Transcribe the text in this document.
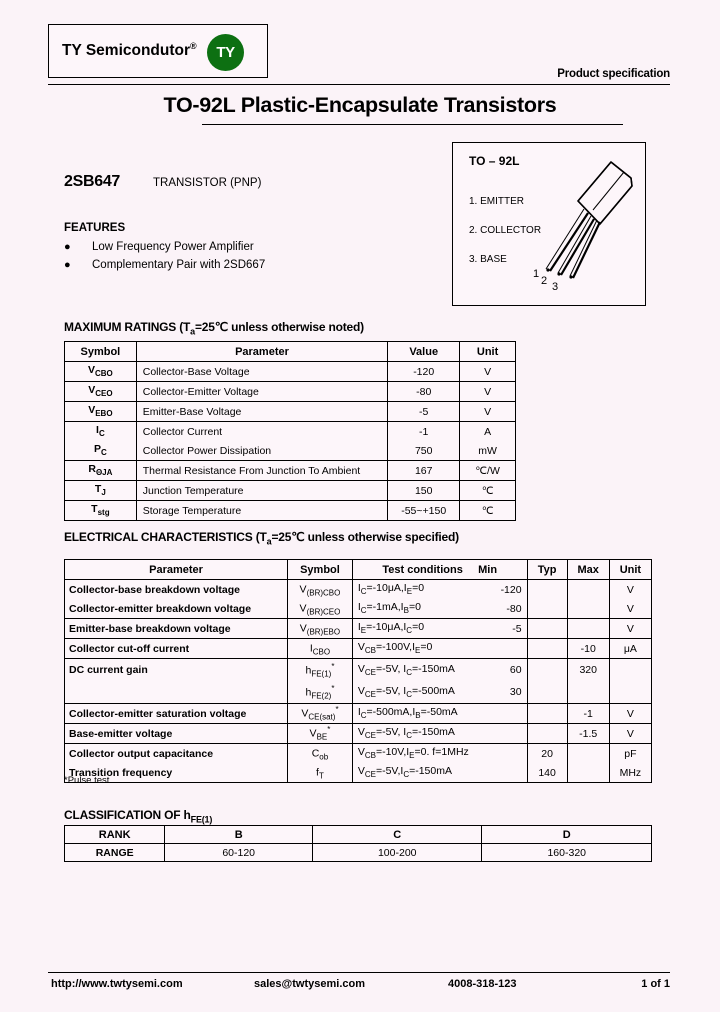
TY Semicondutor®	TY
Product specification
TO-92L Plastic-Encapsulate Transistors
2SB647	TRANSISTOR (PNP)
FEATURES
● Low Frequency Power Amplifier
● Complementary Pair with 2SD667
TO – 92L
1. EMITTER
2. COLLECTOR
3. BASE
1
2 3
MAXIMUM RATINGS ($T_a=25℃$ unless otherwise noted)
Symbol	Parameter	Value	Unit
$V_{CBO}$	Collector-Base Voltage	-120	V
$V_{CEO}$	Collector-Emitter Voltage	-80	V
$V_{EBO}$	Emitter-Base Voltage	-5	V
$I_C$	Collector Current	-1	A
$P_C$	Collector Power Dissipation	750	mW
$R_{\Theta JA}$	Thermal Resistance From Junction To Ambient	167	℃/W
$T_J$	Junction Temperature	150	℃
$T_{stg}$	Storage Temperature	-55~+150	℃
ELECTRICAL CHARACTERISTICS ($T_a=25℃$ unless otherwise specified)
Parameter	Symbol	Test conditions Min	Typ	Max	Unit
Collector-base breakdown voltage	$V_{(BR)CBO}$	$I_C=-10\mu A,I_E=0$ -120			V
Collector-emitter breakdown voltage	$V_{(BR)CEO}$	$I_C=-1mA,I_B=0$ -80			V
Emitter-base breakdown voltage	$V_{(BR)EBO}$	$I_E=-10\mu A,I_C=0$ -5			V
Collector cut-off current	$I_{CBO}$	$V_{CB}=-100V,I_E=0$		-10	μA
DC current gain	$h_{FE(1)}^*$	$V_{CE}=-5V$, $I_C=-150mA$ 60		320	
	$h_{FE(2)}^*$	$V_{CE}=-5V$, $I_C=-500mA$ 30			

Collector-emitter saturation voltage	$V_{CE(sat)}^*$	$I_C=-500mA,I_B=-50mA$		-1	V
Base-emitter voltage	$V_{BE}^*$	$V_{CE}=-5V$, $I_C=-150mA$		-1.5	V
Collector output capacitance	$C_{ob}$	$V_{CB}=-10V,I_E=0$. f=1MHz	20		pF
Transition frequency	$f_T$	$V_{CE}=-5V,I_C=-150mA$	140		MHz
*Pulse test
CLASSIFICATION OF $h_{FE(1)}$
RANK	B	C	D
RANGE	60-120	100-200	160-320
http://www.twtysemi.com	sales@twtysemi.com	4008-318-123	1 of 1
